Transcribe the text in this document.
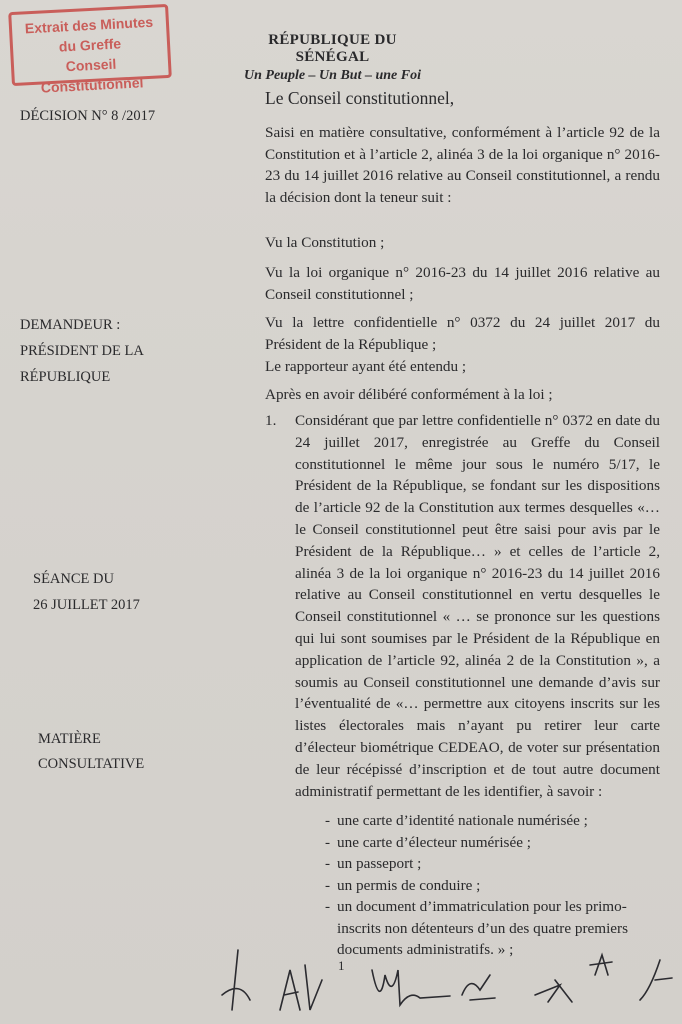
Extrait des Minutes
du Greffe
Conseil Constitutionnel
RÉPUBLIQUE DU SÉNÉGAL
Un Peuple – Un But – une Foi
DÉCISION N° 8 /2017
DEMANDEUR :
PRÉSIDENT DE LA
RÉPUBLIQUE
SÉANCE DU
26 JUILLET 2017
MATIÈRE
CONSULTATIVE
Le Conseil constitutionnel,

Saisi en matière consultative, conformément à l’article 92 de la Constitution et à l’article 2, alinéa 3 de la loi organique n° 2016-23 du 14 juillet 2016 relative au Conseil constitutionnel, a rendu la décision dont la teneur suit :

Vu la Constitution ;

Vu la loi organique n° 2016-23 du 14 juillet 2016 relative au Conseil constitutionnel ;

Vu la lettre confidentielle n° 0372 du 24 juillet 2017 du Président de la République ;

Le rapporteur ayant été entendu ;

Après en avoir délibéré conformément à la loi ;

1. Considérant que par lettre confidentielle n° 0372 en date du 24 juillet 2017, enregistrée au Greffe du Conseil constitutionnel le même jour sous le numéro 5/17, le Président de la République, se fondant sur les dispositions de l’article 92 de la Constitution aux termes desquelles «… le Conseil constitutionnel peut être saisi pour avis par le Président de la République… » et celles de l’article 2, alinéa 3 de la loi organique n° 2016-23 du 14 juillet 2016 relative au Conseil constitutionnel en vertu desquelles le Conseil constitutionnel « … se prononce sur les questions qui lui sont soumises par le Président de la République en application de l’article 92, alinéa 2 de la Constitution », a soumis au Conseil constitutionnel une demande d’avis sur l’éventualité de «… permettre aux citoyens inscrits sur les listes électorales mais n’ayant pu retirer leur carte d’électeur biométrique CEDEAO, de voter sur présentation de leur récépissé d’inscription et de tout autre document administratif permettant de les identifier, à savoir :

- une carte d’identité nationale numérisée ;
- une carte d’électeur numérisée ;
- un passeport ;
- un permis de conduire ;
- un document d’immatriculation pour les primo-inscrits non détenteurs d’un des quatre premiers documents administratifs. » ;
1
